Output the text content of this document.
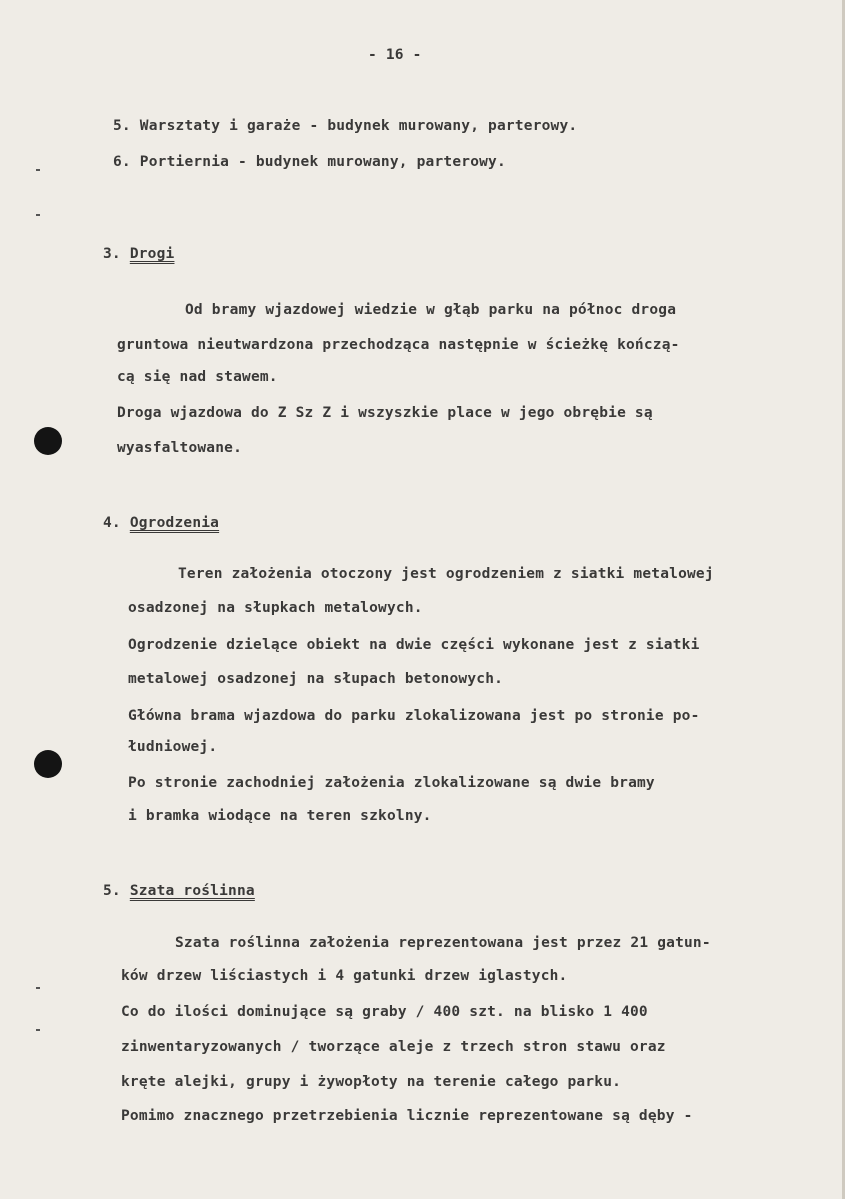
- 16 -

5. Warsztaty i garaże - budynek murowany, parterowy.

6. Portiernia - budynek murowany, parterowy.

3. Drogi

Od bramy wjazdowej wiedzie w głąb parku na północ droga

gruntowa nieutwardzona przechodząca następnie w ścieżkę kończą-

cą się nad stawem.

Droga wjazdowa do Z Sz Z i wszyszkie place w jego obrębie są

wyasfaltowane.

4. Ogrodzenia

Teren założenia otoczony jest ogrodzeniem z siatki metalowej

osadzonej na słupkach metalowych.

Ogrodzenie dzielące obiekt na dwie części wykonane jest z siatki

metalowej osadzonej na słupach betonowych.

Główna brama wjazdowa do parku zlokalizowana jest po stronie po-

łudniowej.

Po stronie zachodniej założenia zlokalizowane są dwie bramy

i bramka wiodące na teren szkolny.

5. Szata roślinna

Szata roślinna założenia reprezentowana jest przez 21 gatun-

ków drzew liściastych i 4 gatunki drzew iglastych.

Co do ilości dominujące są graby / 400 szt. na blisko 1 400

zinwentaryzowanych / tworzące aleje z trzech stron stawu oraz

kręte alejki, grupy i żywopłoty na terenie całego parku.

Pomimo znacznego przetrzebienia licznie reprezentowane są dęby -
